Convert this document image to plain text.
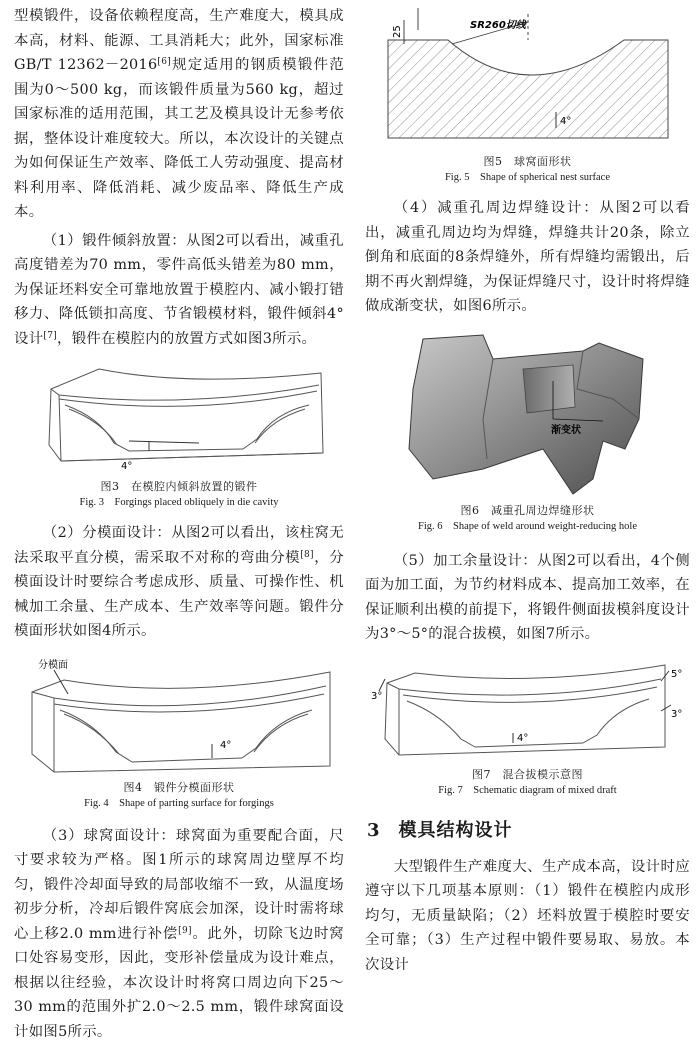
型模锻件，设备依赖程度高，生产难度大，模具成本高，材料、能源、工具消耗大；此外，国家标准GB/T 12362－2016[6]规定适用的钢质模锻件范围为0～500 kg，而该锻件质量为560 kg，超过国家标准的适用范围，其工艺及模具设计无参考依据，整体设计难度较大。所以，本次设计的关键点为如何保证生产效率、降低工人劳动强度、提高材料利用率、降低消耗、减少废品率、降低生产成本。

（1）锻件倾斜放置：从图2可以看出，减重孔高度错差为70 mm，零件高低头错差为80 mm，为保证坯料安全可靠地放置于模腔内、减小锻打错移力、降低锁扣高度、节省锻模材料，锻件倾斜4°设计[7]，锻件在模腔内的放置方式如图3所示。

4°
图3　在模腔内倾斜放置的锻件
Fig. 3　Forgings placed obliquely in die cavity

（2）分模面设计：从图2可以看出，该柱窝无法采取平直分模，需采取不对称的弯曲分模[8]，分模面设计时要综合考虑成形、质量、可操作性、机械加工余量、生产成本、生产效率等问题。锻件分模面形状如图4所示。

分模面
4°
图4　锻件分模面形状
Fig. 4　Shape of parting surface for forgings

（3）球窝面设计：球窝面为重要配合面，尺寸要求较为严格。图1所示的球窝周边壁厚不均匀，锻件冷却面导致的局部收缩不一致，从温度场初步分析，冷却后锻件窝底会加深，设计时需将球心上移2.0 mm进行补偿[9]。此外，切除飞边时窝口处容易变形，因此，变形补偿量成为设计难点，根据以往经验，本次设计时将窝口周边向下25～30 mm的范围外扩2.0～2.5 mm，锻件球窝面设计如图5所示。

25	SR260切线
4°
图5　球窝面形状
Fig. 5　Shape of spherical nest surface

（4）减重孔周边焊缝设计：从图2可以看出，减重孔周边均为焊缝，焊缝共计20条，除立倒角和底面的8条焊缝外，所有焊缝均需锻出，后期不再火割焊缝，为保证焊缝尺寸，设计时将焊缝做成渐变状，如图6所示。

渐变状
图6　减重孔周边焊缝形状
Fig. 6　Shape of weld around weight-reducing hole

（5）加工余量设计：从图2可以看出，4个侧面为加工面，为节约材料成本、提高加工效率，在保证顺利出模的前提下，将锻件侧面拔模斜度设计为3°～5°的混合拔模，如图7所示。

3°
5°
3°
4°
图7　混合拔模示意图
Fig. 7　Schematic diagram of mixed draft
3 模具结构设计

大型锻件生产难度大、生产成本高，设计时应遵守以下几项基本原则：（1）锻件在模腔内成形均匀，无质量缺陷；（2）坯料放置于模腔时要安全可靠；（3）生产过程中锻件要易取、易放。本次设计
